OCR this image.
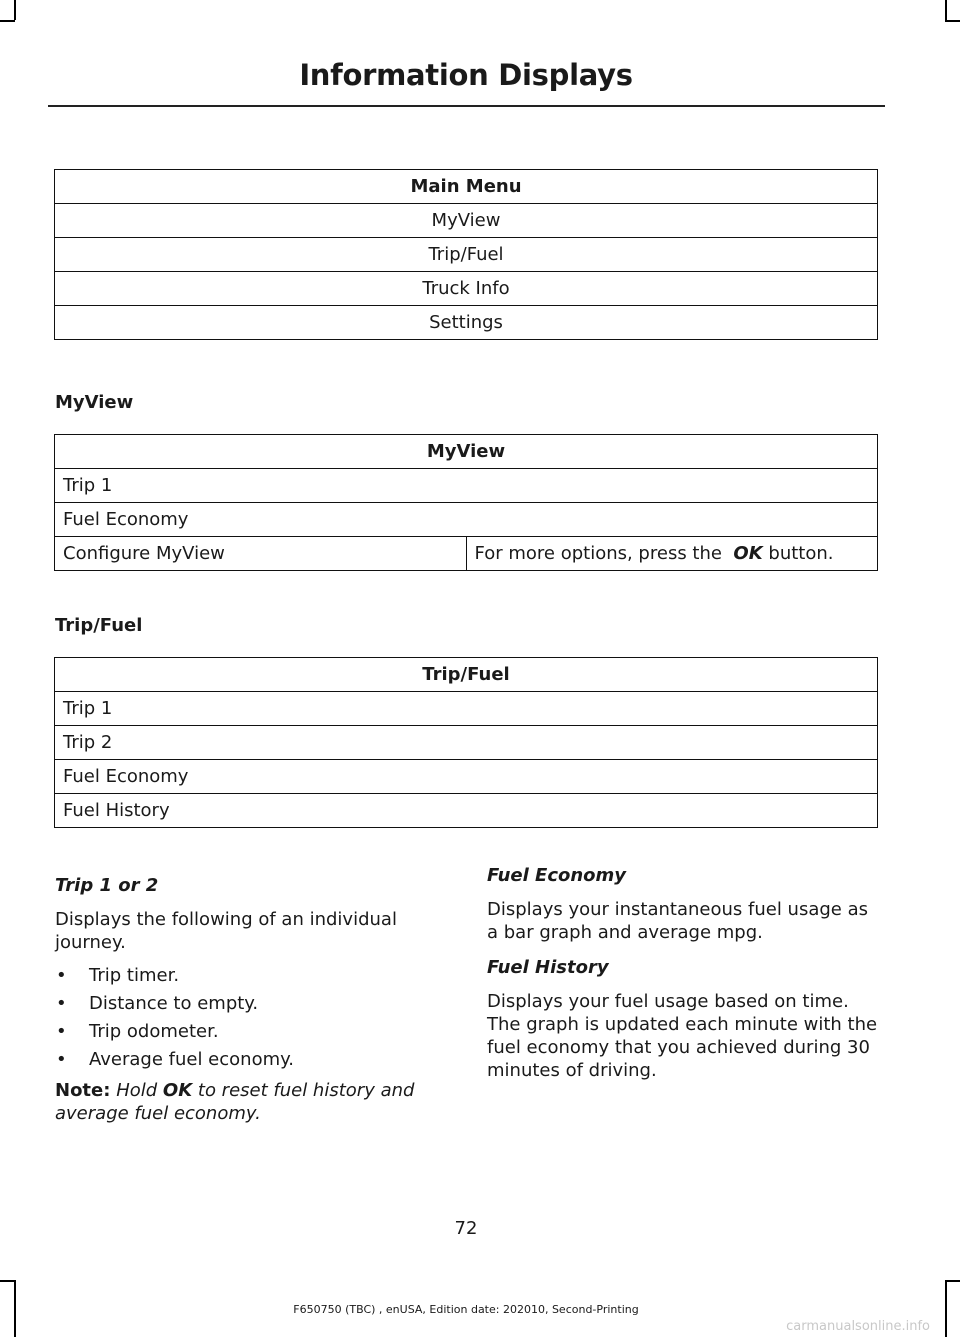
Information Displays
Main Menu
MyView
Trip/Fuel
Truck Info
Settings
MyView
MyView
Trip 1
Fuel Economy
Configure MyView	For more options, press the OK button.
Trip/Fuel
Trip/Fuel
Trip 1
Trip 2
Fuel Economy
Fuel History

Trip 1 or 2

Displays the following of an individual journey.

• Trip timer.
• Distance to empty.
• Trip odometer.
• Average fuel economy.

Note: Hold OK to reset fuel history and average fuel economy.

Fuel Economy

Displays your instantaneous fuel usage as a bar graph and average mpg.

Fuel History

Displays your fuel usage based on time. The graph is updated each minute with the fuel economy that you achieved during 30 minutes of driving.

72
F650750 (TBC) , enUSA, Edition date: 202010, Second-Printing
carmanualsonline.info
